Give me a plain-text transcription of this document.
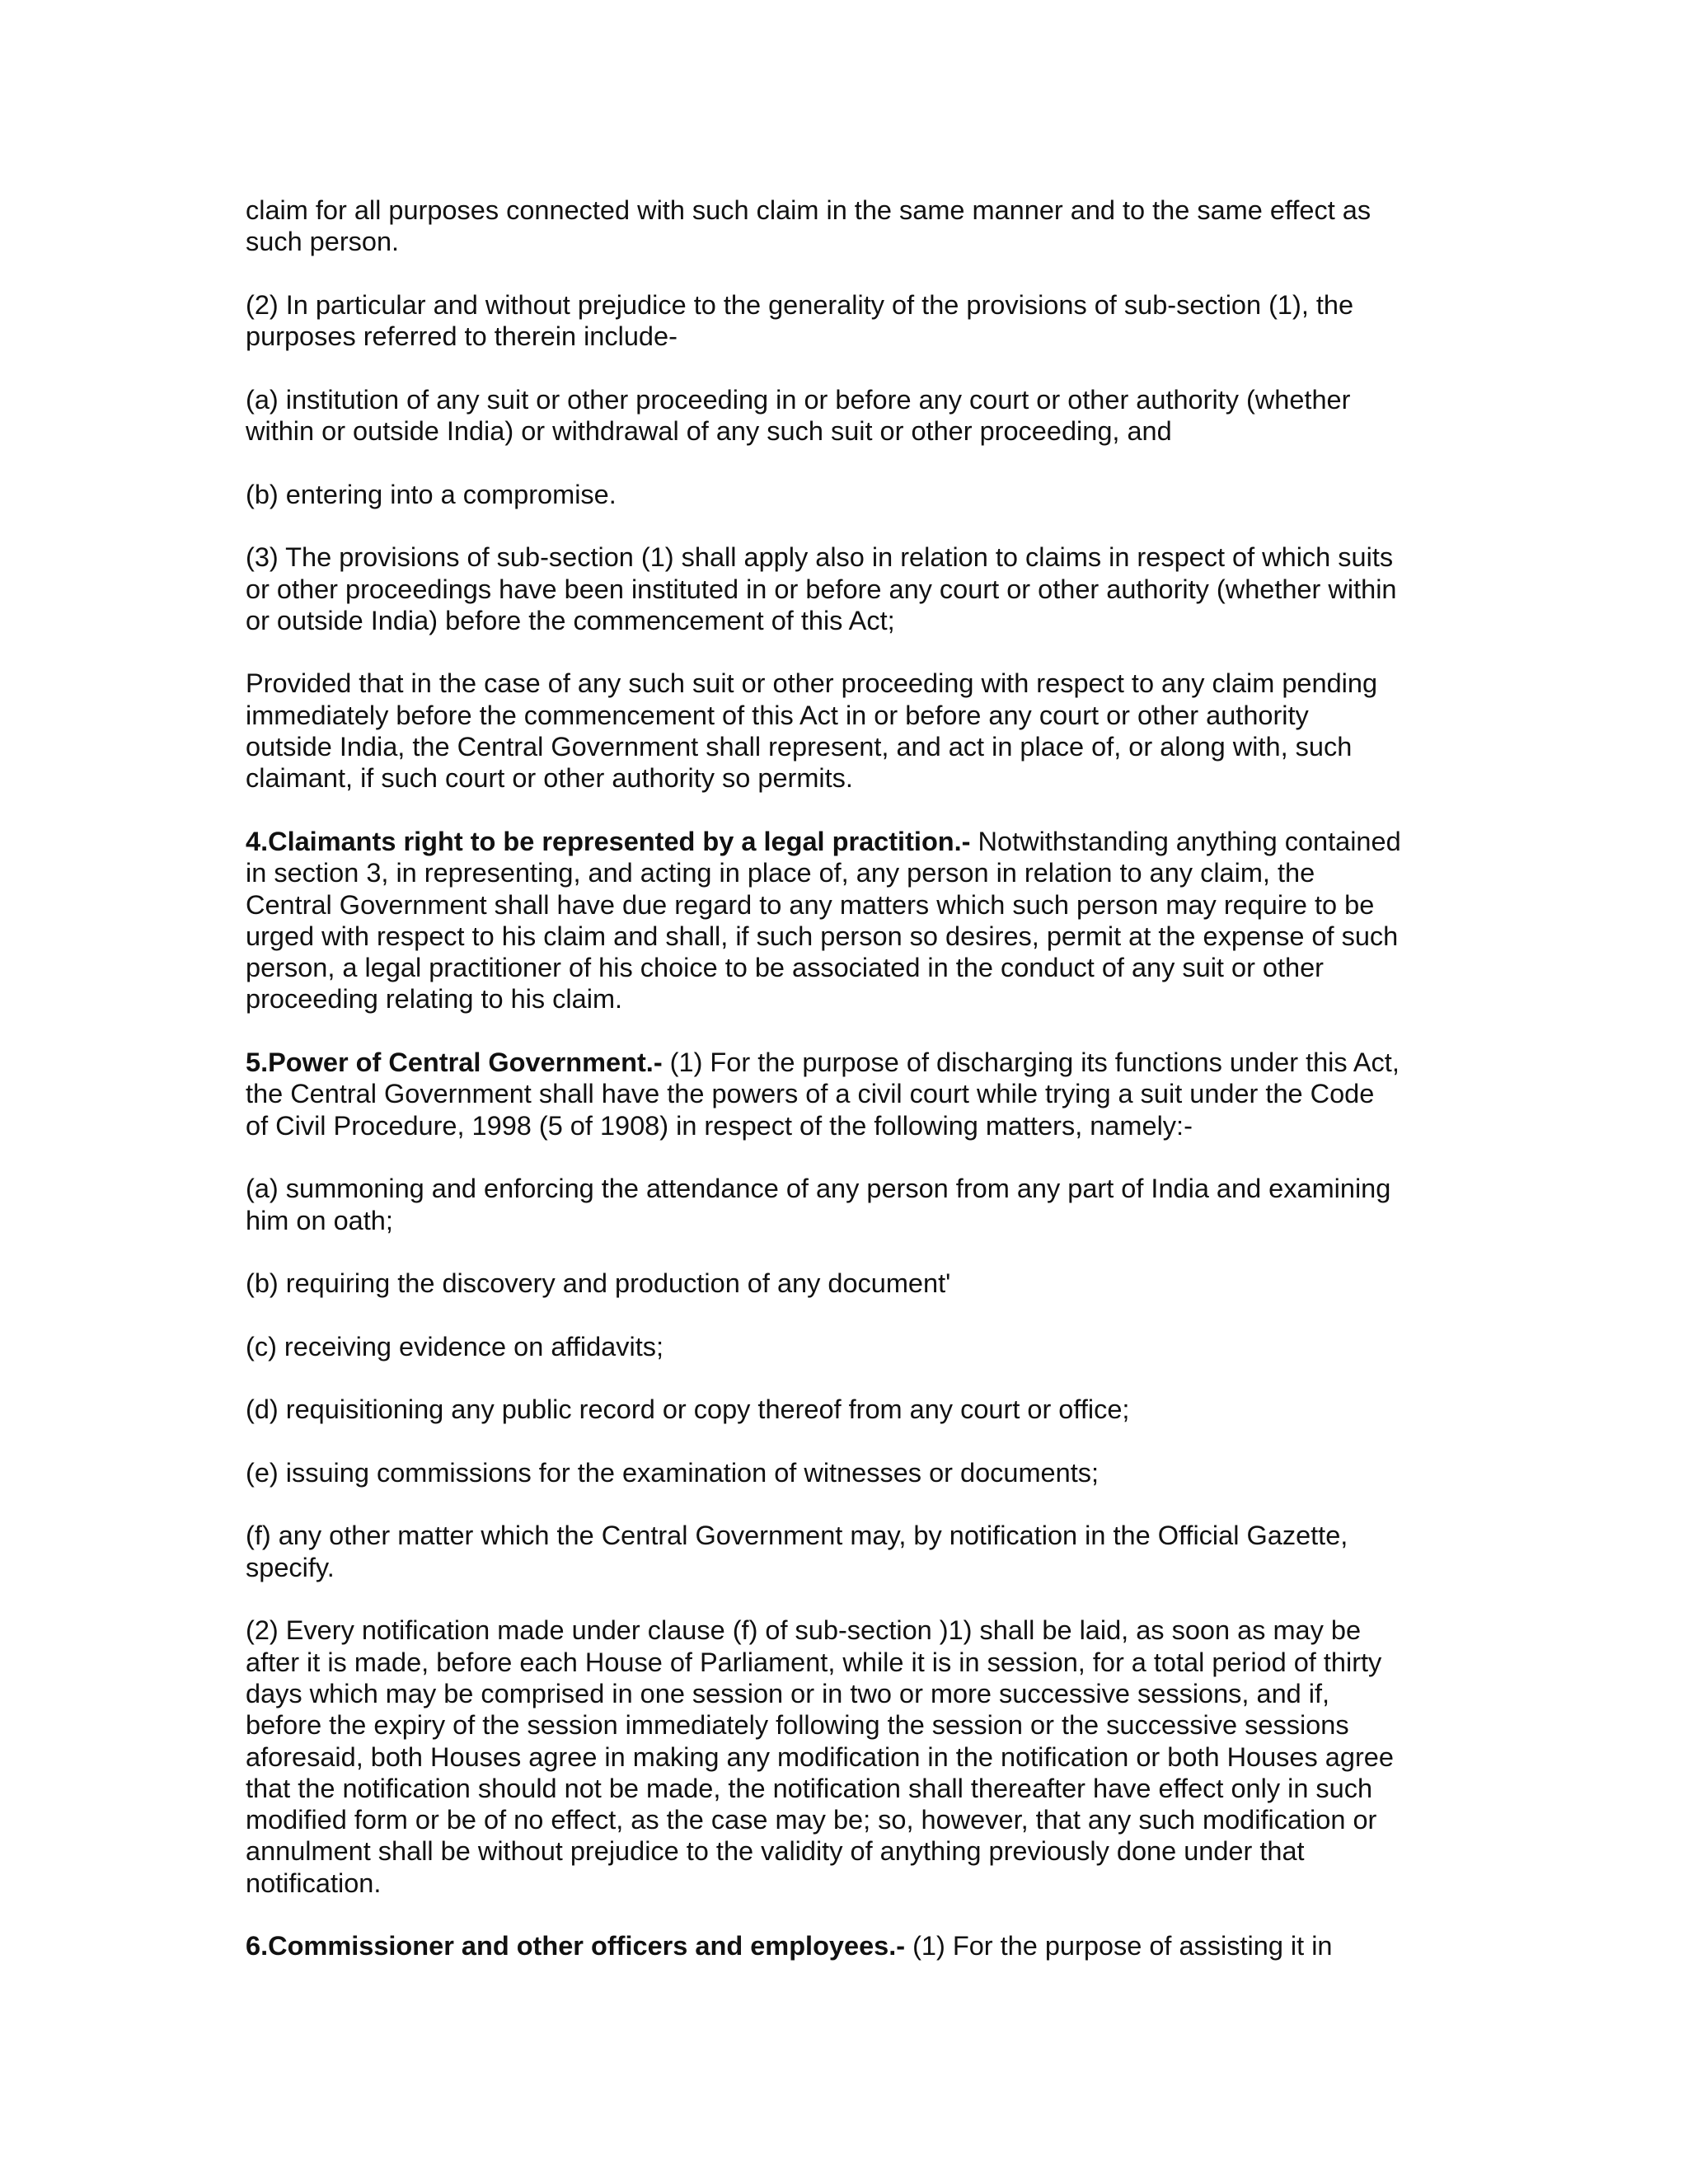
claim for all purposes connected with such claim in the same manner and to the same effect as
such person.

(2) In particular and without prejudice to the generality of the provisions of sub-section (1), the
purposes referred to therein include-

(a) institution of any suit or other proceeding in or before any court or other authority (whether
within or outside India) or withdrawal of any such suit or other proceeding, and

(b) entering into a compromise.

(3) The provisions of sub-section (1) shall apply also in relation to claims in respect of which suits
or other proceedings have been instituted in or before any court or other authority (whether within
or outside India) before the commencement of this Act;

Provided that in the case of any such suit or other proceeding with respect to any claim pending
immediately before the commencement of this Act in or before any court or other authority
outside India, the Central Government shall represent, and act in place of, or along with, such
claimant, if such court or other authority so permits.

4.Claimants right to be represented by a legal practition.- Notwithstanding anything contained
in section 3, in representing, and acting in place of, any person in relation to any claim, the
Central Government shall have due regard to any matters which such person may require to be
urged with respect to his claim and shall, if such person so desires, permit at the expense of such
person, a legal practitioner of his choice to be associated in the conduct of any suit or other
proceeding relating to his claim.

5.Power of Central Government.- (1) For the purpose of discharging its functions under this Act,
the Central Government shall have the powers of a civil court while trying a suit under the Code
of Civil Procedure, 1998 (5 of 1908) in respect of the following matters, namely:-

(a) summoning and enforcing the attendance of any person from any part of India and examining
him on oath;

(b) requiring the discovery and production of any document'

(c) receiving evidence on affidavits;

(d) requisitioning any public record or copy thereof from any court or office;

(e) issuing commissions for the examination of witnesses or documents;

(f) any other matter which the Central Government may, by notification in the Official Gazette,
specify.

(2) Every notification made under clause (f) of sub-section )1) shall be laid, as soon as may be
after it is made, before each House of Parliament, while it is in session, for a total period of thirty
days which may be comprised in one session or in two or more successive sessions, and if,
before the expiry of the session immediately following the session or the successive sessions
aforesaid, both Houses agree in making any modification in the notification or both Houses agree
that the notification should not be made, the notification shall thereafter have effect only in such
modified form or be of no effect, as the case may be; so, however, that any such modification or
annulment shall be without prejudice to the validity of anything previously done under that
notification.

6.Commissioner and other officers and employees.- (1) For the purpose of assisting it in
